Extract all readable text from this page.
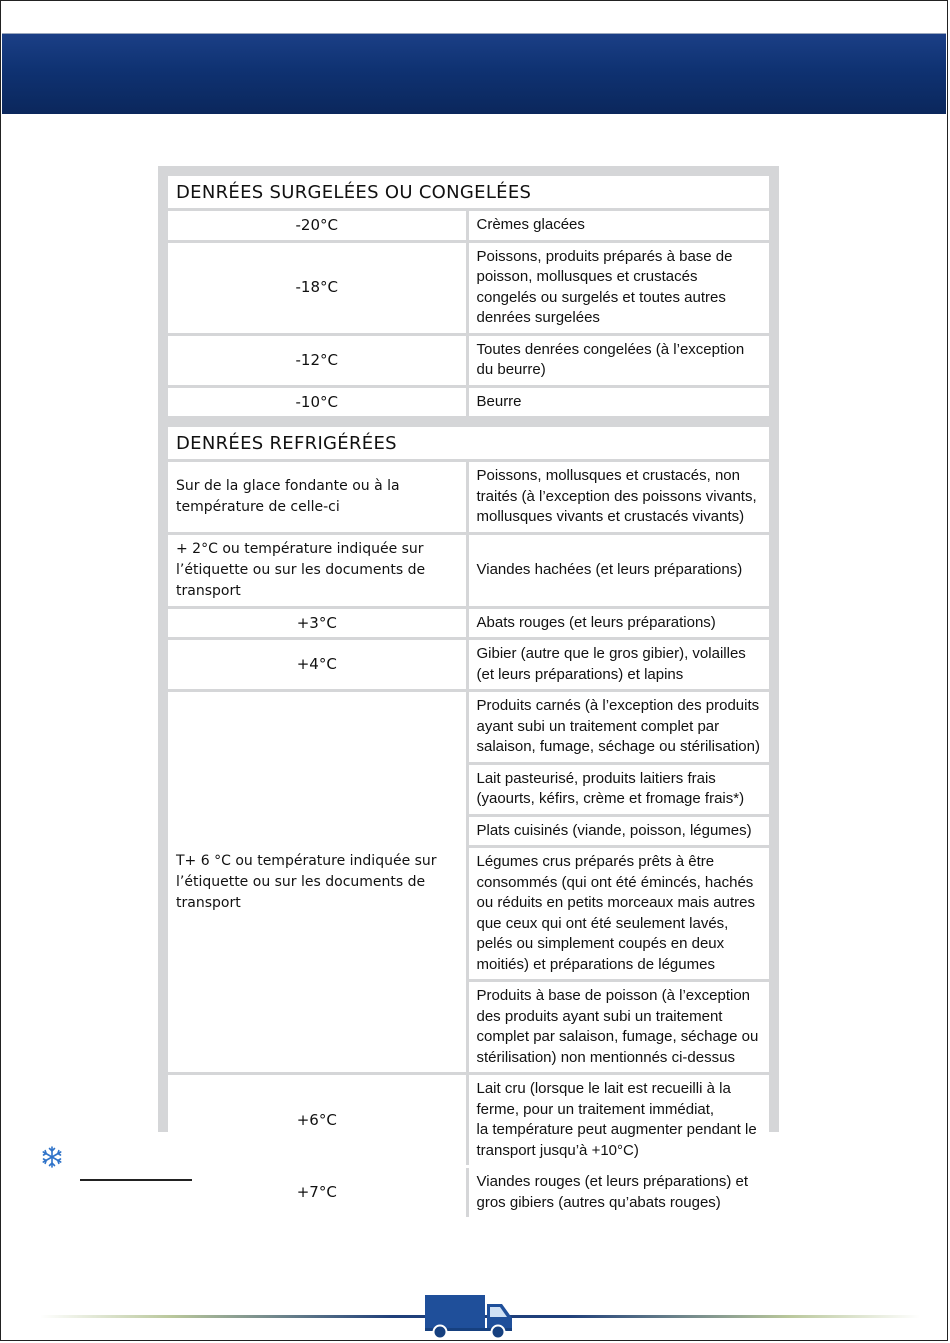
DENRÉES SURGELÉES OU CONGELÉES	
-20°C	Crèmes glacées
-18°C	Poissons, produits préparés à base de poisson, mollusques et crustacés congelés ou surgelés et toutes autres denrées surgelées
-12°C	Toutes denrées congelées (à l’exception du beurre)
-10°C	Beurre

DENRÉES REFRIGÉRÉES	
Sur de la glace fondante ou à la température de celle-ci	Poissons, mollusques et crustacés, non traités (à l’exception des poissons vivants, mollusques vivants et crustacés vivants)
+ 2°C ou température indiquée sur l’étiquette ou sur les documents de transport	Viandes hachées (et leurs préparations)
+3°C	Abats rouges (et leurs préparations)
+4°C	Gibier (autre que le gros gibier), volailles (et leurs préparations) et lapins
T+ 6 °C ou température indiquée sur l’étiquette ou sur les documents de transport	Produits carnés (à l’exception des produits ayant subi un traitement complet par salaison, fumage, séchage ou stérilisation)
	Lait pasteurisé, produits laitiers frais (yaourts, kéfirs, crème et fromage frais*)
	Plats cuisinés (viande, poisson, légumes)
	Légumes crus préparés prêts à être consommés (qui ont été émincés, hachés ou réduits en petits morceaux mais autres que ceux qui ont été seulement lavés, pelés ou simplement coupés en deux moitiés) et préparations de légumes
	Produits à base de poisson (à l’exception des produits ayant subi un traitement complet par salaison, fumage, séchage ou stérilisation) non mentionnés ci-dessus
+6°C	Lait cru (lorsque le lait est recueilli à la ferme, pour un traitement immédiat,
la température peut augmenter pendant le transport jusqu’à +10°C)
+7°C	Viandes rouges (et leurs préparations) et gros gibiers (autres qu’abats rouges)
